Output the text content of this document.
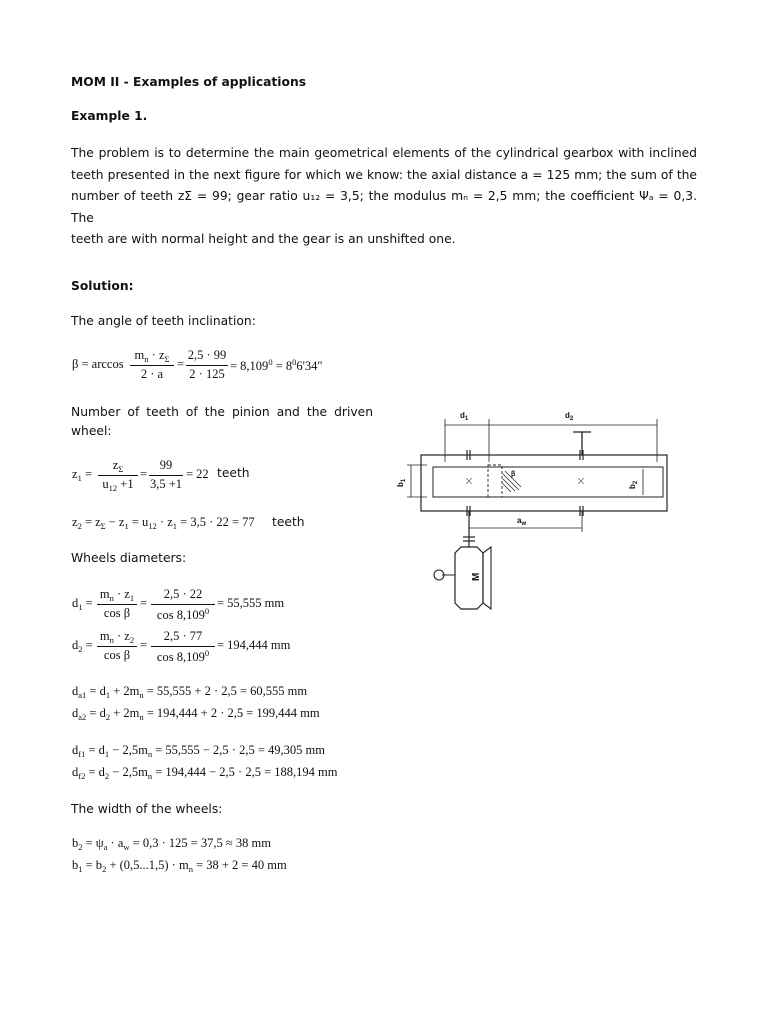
MOM II - Examples of applications
Example 1.
The problem is to determine the main geometrical elements of the cylindrical gearbox with inclined
teeth presented in the next figure for which we know: the axial distance a = 125 mm; the sum of the
number of teeth zΣ = 99; gear ratio u₁₂ = 3,5; the modulus mₙ = 2,5 mm; the coefficient Ψₐ = 0,3. The
teeth are with normal height and the gear is an unshifted one.
Solution:
The angle of teeth inclination:
β = arccos
$m_n \cdot z_\Sigma$
2 · a
=
2,5 · 99
2 · 125
= $8,109^0 = 8^06'34$"
Number of teeth of the pinion and the driven
wheel:
$z_1$ =
$z_\Sigma$
$u_{12} +1$
=
99
3,5 +1
= 22 teeth
$z_2 = z_\Sigma - z_1 = u_{12} \cdot z_1 = 3,5 \cdot 22 = 77$ teeth
Wheels diameters:
$d_1$ =
$m_n \cdot z_1$
cos β
=
2,5 · 22
$\cos 8,109^0$
= 55,555 mm
$d_2$ =
$m_n \cdot z_2$
cos β
=
2,5 · 77
$\cos 8,109^0$
= 194,444 mm
$d_{a1} = d_1 + 2m_n = 55,555 + 2 \cdot 2,5 = 60,555$ mm
$d_{a2} = d_2 + 2m_n = 194,444 + 2 \cdot 2,5 = 199,444$ mm
$d_{f1} = d_1 - 2,5m_n = 55,555 - 2,5 \cdot 2,5 = 49,305$ mm
$d_{f2} = d_2 - 2,5m_n = 194,444 - 2,5 \cdot 2,5 = 188,194$ mm
The width of the wheels:
$b_2 = \psi_a \cdot a_w = 0,3 \cdot 125 = 37,5 \approx 38$ mm
$b_1 = b_2 + (0,5...1,5) \cdot m_n = 38 + 2 = 40$ mm
$d_1$	$d_2$
β
$b_1$
$b_2$
$a_w$
M
